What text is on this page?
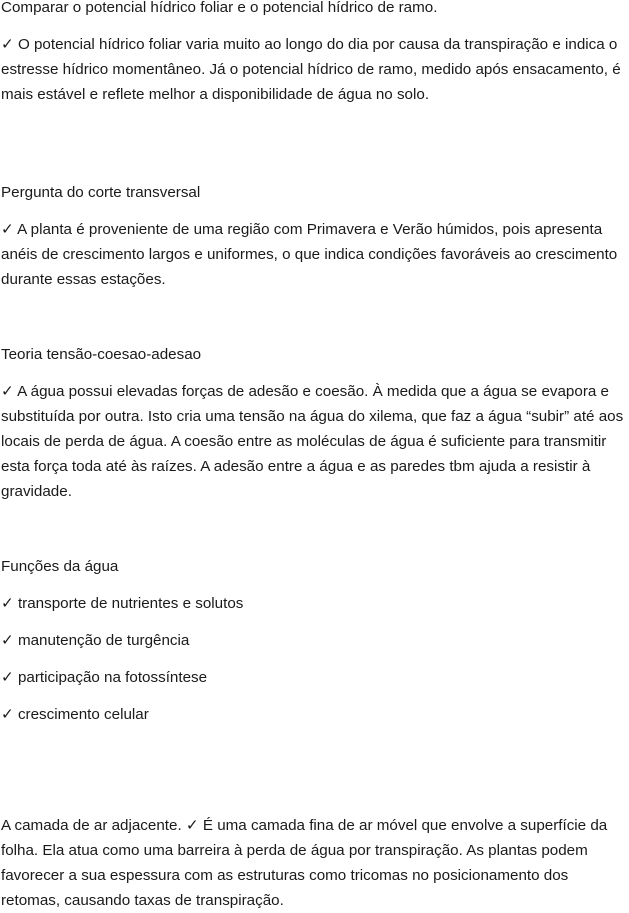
Comparar o potencial hídrico foliar e o potencial hídrico de ramo.

✓ O potencial hídrico foliar varia muito ao longo do dia por causa da transpiração e indica o estresse hídrico momentâneo. Já o potencial hídrico de ramo, medido após ensacamento, é mais estável e reflete melhor a disponibilidade de água no solo.

Pergunta do corte transversal

✓ A planta é proveniente de uma região com Primavera e Verão húmidos, pois apresenta anéis de crescimento largos e uniformes, o que indica condições favoráveis ao crescimento durante essas estações.

Teoria tensão-coesao-adesao

✓ A água possui elevadas forças de adesão e coesão. À medida que a água se evapora e substituída por outra. Isto cria uma tensão na água do xilema, que faz a água “subir” até aos locais de perda de água. A coesão entre as moléculas de água é suficiente para transmitir esta força toda até às raízes. A adesão entre a água e as paredes tbm ajuda a resistir à gravidade.

Funções da água

✓ transporte de nutrientes e solutos

✓ manutenção de turgência

✓ participação na fotossíntese

✓ crescimento celular

A camada de ar adjacente. ✓ É uma camada fina de ar móvel que envolve a superfície da folha. Ela atua como uma barreira à perda de água por transpiração. As plantas podem favorecer a sua espessura com as estruturas como tricomas no posicionamento dos retomas, causando taxas de transpiração.
